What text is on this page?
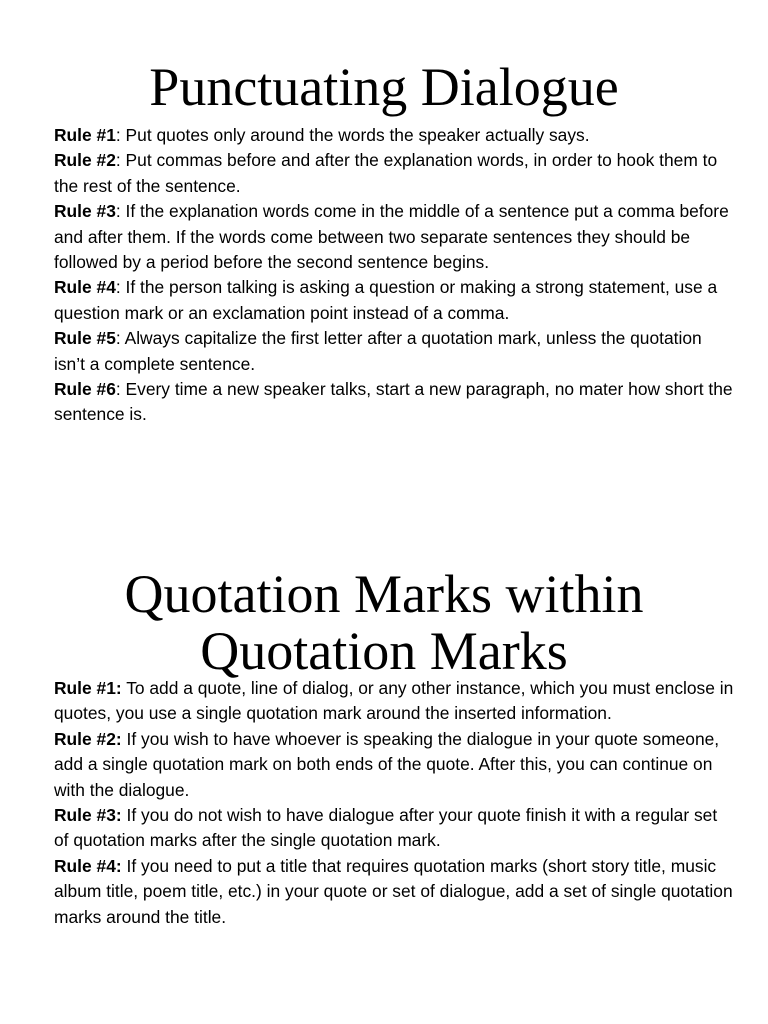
Punctuating Dialogue

Rule #1: Put quotes only around the words the speaker actually says.

Rule #2: Put commas before and after the explanation words, in order to hook them to the rest of the sentence.

Rule #3: If the explanation words come in the middle of a sentence put a comma before and after them. If the words come between two separate sentences they should be followed by a period before the second sentence begins.

Rule #4: If the person talking is asking a question or making a strong statement, use a question mark or an exclamation point instead of a comma.

Rule #5: Always capitalize the first letter after a quotation mark, unless the quotation isn’t a complete sentence.

Rule #6: Every time a new speaker talks, start a new paragraph, no mater how short the sentence is.

Quotation Marks within
Quotation Marks

Rule #1: To add a quote, line of dialog, or any other instance, which you must enclose in quotes, you use a single quotation mark around the inserted information.

Rule #2: If you wish to have whoever is speaking the dialogue in your quote someone, add a single quotation mark on both ends of the quote. After this, you can continue on with the dialogue.

Rule #3: If you do not wish to have dialogue after your quote finish it with a regular set of quotation marks after the single quotation mark.

Rule #4: If you need to put a title that requires quotation marks (short story title, music album title, poem title, etc.) in your quote or set of dialogue, add a set of single quotation marks around the title.
